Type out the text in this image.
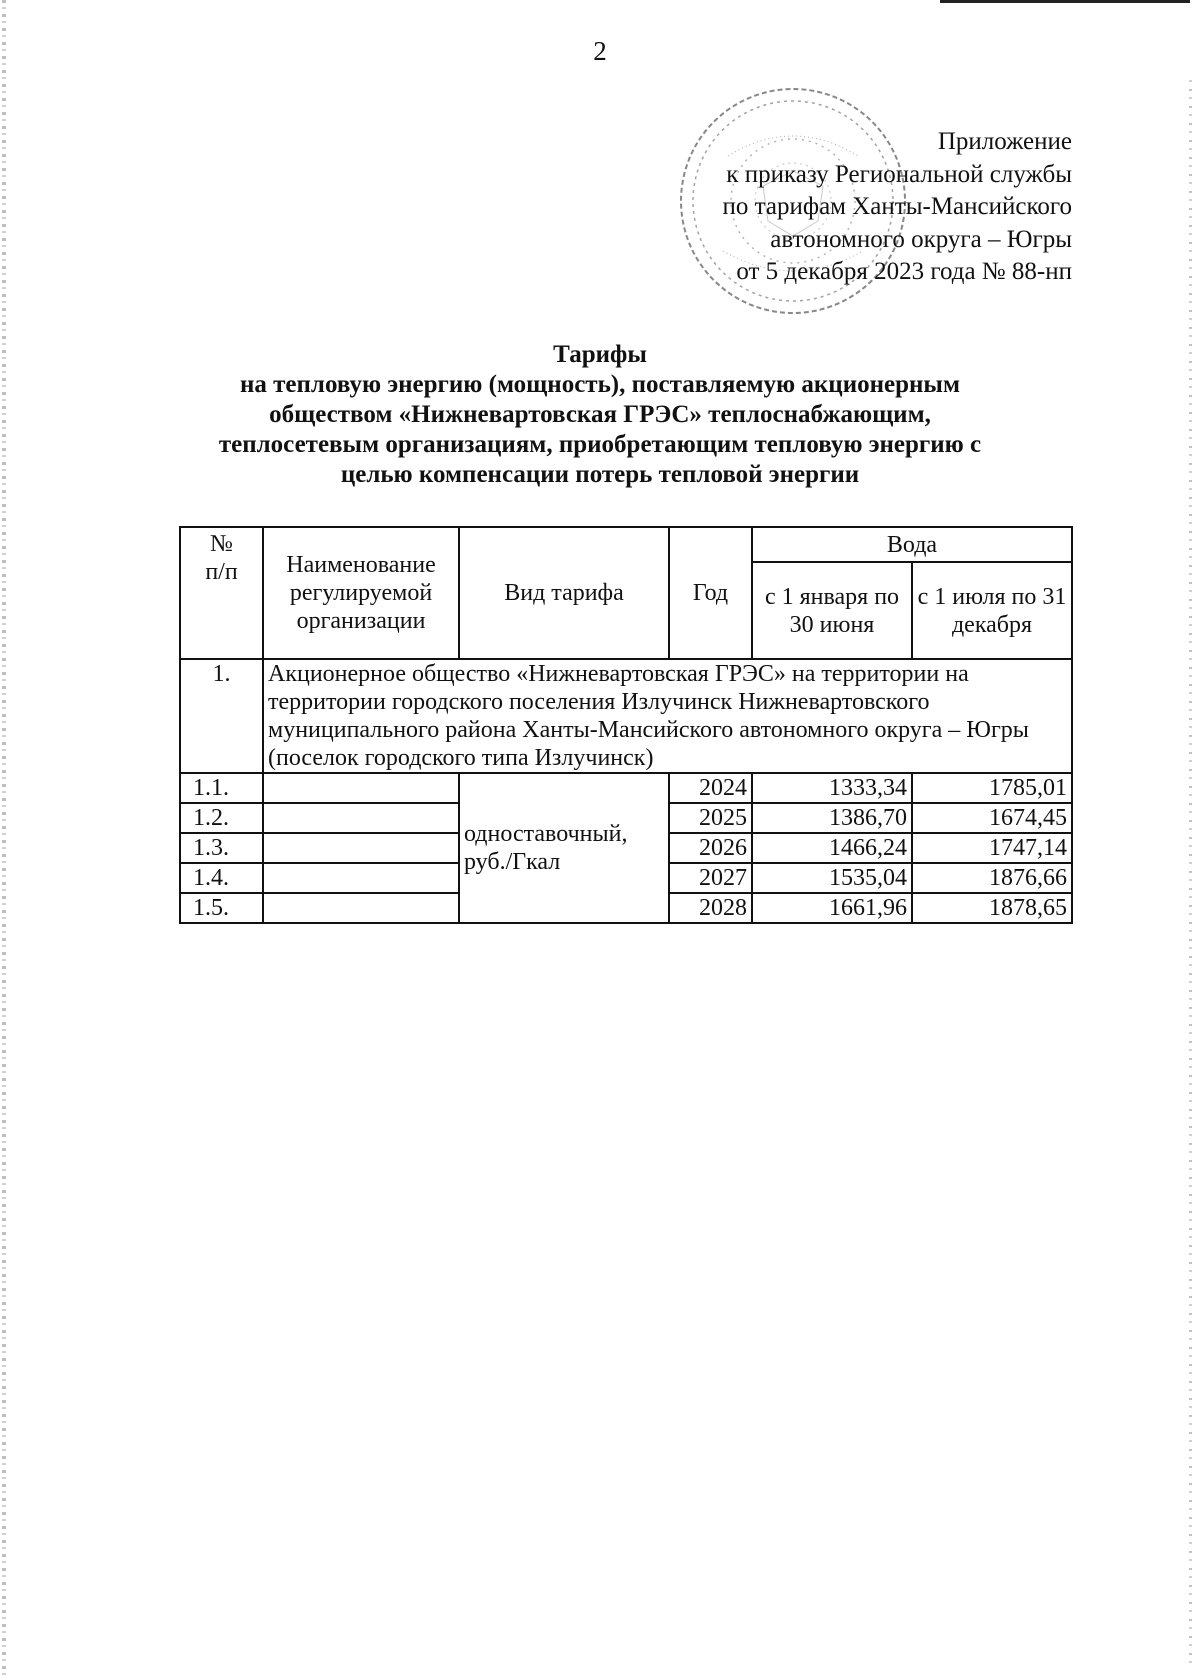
2
Приложение
к приказу Региональной службы
по тарифам Ханты-Мансийского
автономного округа – Югры
от 5 декабря 2023 года № 88-нп
Тарифы
на тепловую энергию (мощность), поставляемую акционерным
обществом «Нижневартовская ГРЭС» теплоснабжающим,
теплосетевым организациям, приобретающим тепловую энергию с
целью компенсации потерь тепловой энергии
№
п/п	Наименование регулируемой организации	Вид тарифа	Год	Вода	
				с 1 января по 30 июня	с 1 июля по 31 декабря
1.	Акционерное общество «Нижневартовская ГРЭС» на территории на территории городского поселения Излучинск Нижневартовского муниципального района Ханты-Мансийского автономного округа – Югры (поселок городского типа Излучинск)				
1.1.		одноставочный, руб./Гкал	2024	1333,34	1785,01
1.2.			2025	1386,70	1674,45
1.3.			2026	1466,24	1747,14
1.4.			2027	1535,04	1876,66
1.5.			2028	1661,96	1878,65
